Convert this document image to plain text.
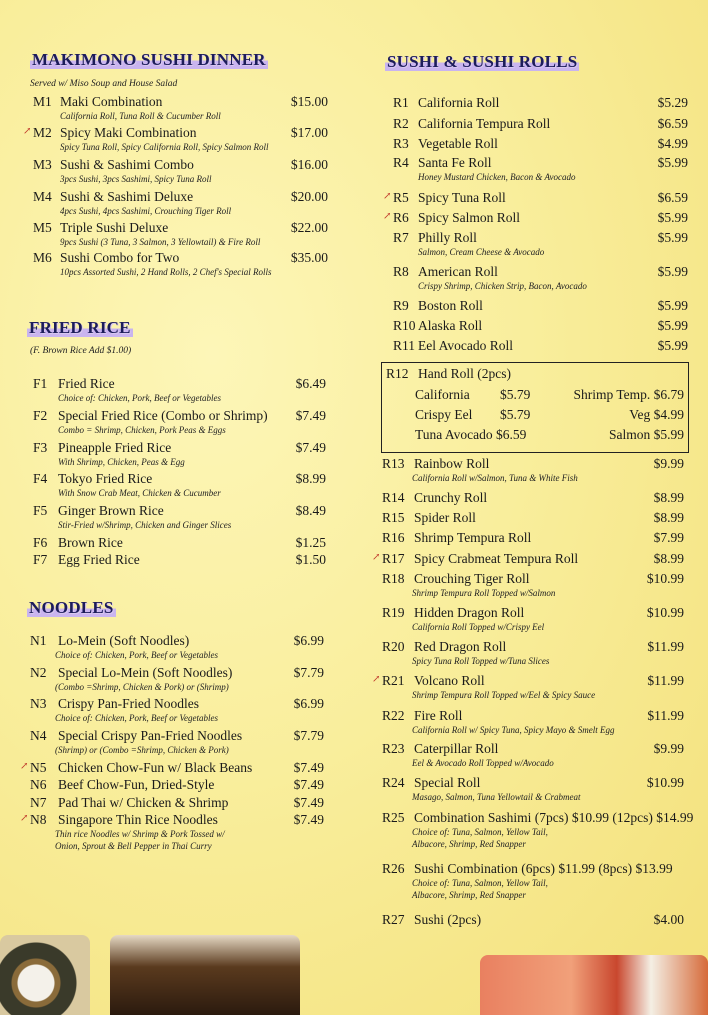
MAKIMONO SUSHI DINNER
Served w/ Miso Soup and House Salad
FRIED RICE
(F. Brown Rice Add $1.00)
NOODLES
SUSHI & SUSHI ROLLS
R12 Hand Roll (2pcs)
California $5.79	Shrimp Temp. $6.79
Crispy Eel $5.79	Veg $4.99
Tuna Avocado $6.59	Salmon $5.99
M1 Maki Combination	$15.00
California Roll, Tuna Roll & Cucumber Roll
↗ M2 Spicy Maki Combination	$17.00
Spicy Tuna Roll, Spicy California Roll, Spicy Salmon Roll
M3 Sushi & Sashimi Combo	$16.00
3pcs Sushi, 3pcs Sashimi, Spicy Tuna Roll
M4 Sushi & Sashimi Deluxe	$20.00
4pcs Sushi, 4pcs Sashimi, Crouching Tiger Roll
M5 Triple Sushi Deluxe	$22.00
9pcs Sushi (3 Tuna, 3 Salmon, 3 Yellowtail) & Fire Roll
M6 Sushi Combo for Two	$35.00
10pcs Assorted Sushi, 2 Hand Rolls, 2 Chef's Special Rolls
F1 Fried Rice	$6.49
Choice of: Chicken, Pork, Beef or Vegetables
F2 Special Fried Rice (Combo or Shrimp)	$7.49
Combo = Shrimp, Chicken, Pork Peas & Eggs
F3 Pineapple Fried Rice	$7.49
With Shrimp, Chicken, Peas & Egg
F4 Tokyo Fried Rice	$8.99
With Snow Crab Meat, Chicken & Cucumber
F5 Ginger Brown Rice	$8.49
Stir-Fried w/Shrimp, Chicken and Ginger Slices
F6 Brown Rice	$1.25
F7 Egg Fried Rice	$1.50
N1 Lo-Mein (Soft Noodles)	$6.99
Choice of: Chicken, Pork, Beef or Vegetables
N2 Special Lo-Mein (Soft Noodles)	$7.79
(Combo =Shrimp, Chicken & Pork) or (Shrimp)
N3 Crispy Pan-Fried Noodles	$6.99
Choice of: Chicken, Pork, Beef or Vegetables
N4 Special Crispy Pan-Fried Noodles	$7.79
(Shrimp) or (Combo =Shrimp, Chicken & Pork)
↗ N5 Chicken Chow-Fun w/ Black Beans	$7.49
N6 Beef Chow-Fun, Dried-Style	$7.49
N7 Pad Thai w/ Chicken & Shrimp	$7.49
↗ N8 Singapore Thin Rice Noodles	$7.49
Thin rice Noodles w/ Shrimp & Pork Tossed w/
Onion, Sprout & Bell Pepper in Thai Curry
R1 California Roll	$5.29
R2 California Tempura Roll	$6.59
R3 Vegetable Roll	$4.99
R4 Santa Fe Roll	$5.99
Honey Mustard Chicken, Bacon & Avocado
↗ R5 Spicy Tuna Roll	$6.59
↗ R6 Spicy Salmon Roll	$5.99
R7 Philly Roll	$5.99
Salmon, Cream Cheese & Avocado
R8 American Roll	$5.99
Crispy Shrimp, Chicken Strip, Bacon, Avocado
R9 Boston Roll	$5.99
R10 Alaska Roll	$5.99
R11 Eel Avocado Roll	$5.99
R13 Rainbow Roll	$9.99
California Roll w/Salmon, Tuna & White Fish
R14 Crunchy Roll	$8.99
R15 Spider Roll	$8.99
R16 Shrimp Tempura Roll	$7.99
↗ R17 Spicy Crabmeat Tempura Roll	$8.99
R18 Crouching Tiger Roll	$10.99
Shrimp Tempura Roll Topped w/Salmon
R19 Hidden Dragon Roll	$10.99
California Roll Topped w/Crispy Eel
R20 Red Dragon Roll	$11.99
Spicy Tuna Roll Topped w/Tuna Slices
↗ R21 Volcano Roll	$11.99
Shrimp Tempura Roll Topped w/Eel & Spicy Sauce
R22 Fire Roll	$11.99
California Roll w/ Spicy Tuna, Spicy Mayo & Smelt Egg
R23 Caterpillar Roll	$9.99
Eel & Avocado Roll Topped w/Avocado
R24 Special Roll	$10.99
Masago, Salmon, Tuna Yellowtail & Crabmeat
R25 Combination Sashimi (7pcs) $10.99 (12pcs) $14.99
Choice of: Tuna, Salmon, Yellow Tail,
Albacore, Shrimp, Red Snapper
R26 Sushi Combination (6pcs) $11.99 (8pcs) $13.99
Choice of: Tuna, Salmon, Yellow Tail,
Albacore, Shrimp, Red Snapper
R27 Sushi (2pcs)	$4.00
